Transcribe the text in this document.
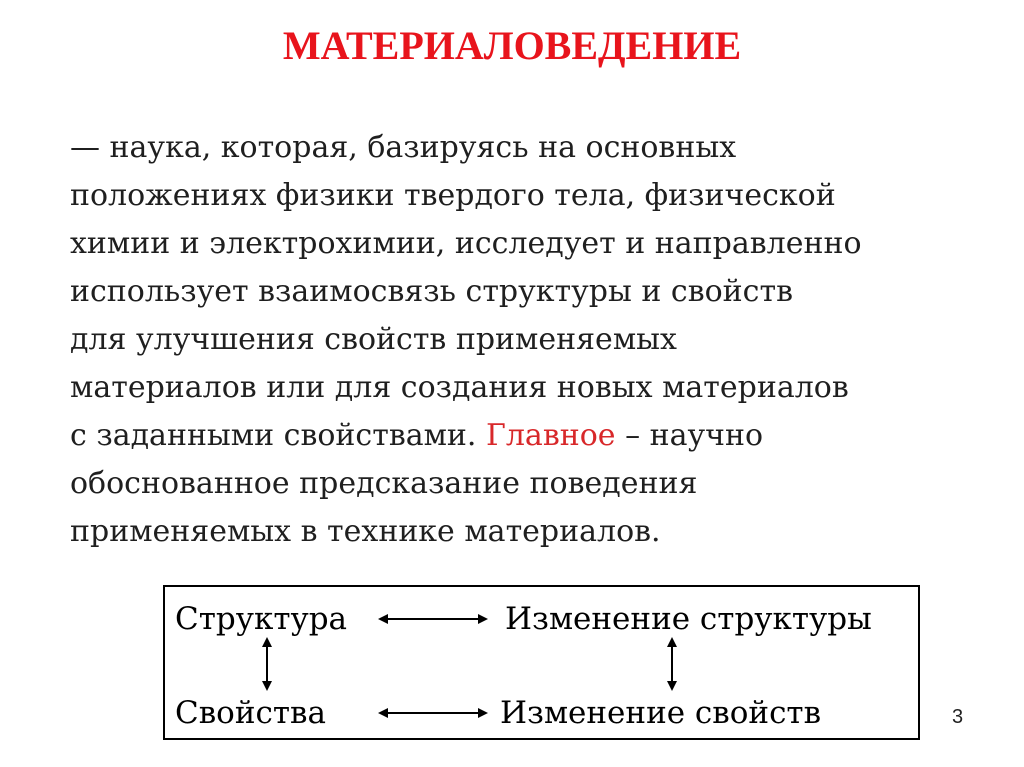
МАТЕРИАЛОВЕДЕНИЕ
— наука, которая, базируясь на основных
положениях физики твердого тела, физической
химии и электрохимии, исследует и направленно
использует взаимосвязь структуры и свойств
для улучшения свойств применяемых
материалов или для создания новых материалов
с заданными свойствами. Главное – научно
обоснованное предсказание поведения
применяемых в технике материалов.
Структура	Изменение структуры
Свойства	Изменение свойств	3
